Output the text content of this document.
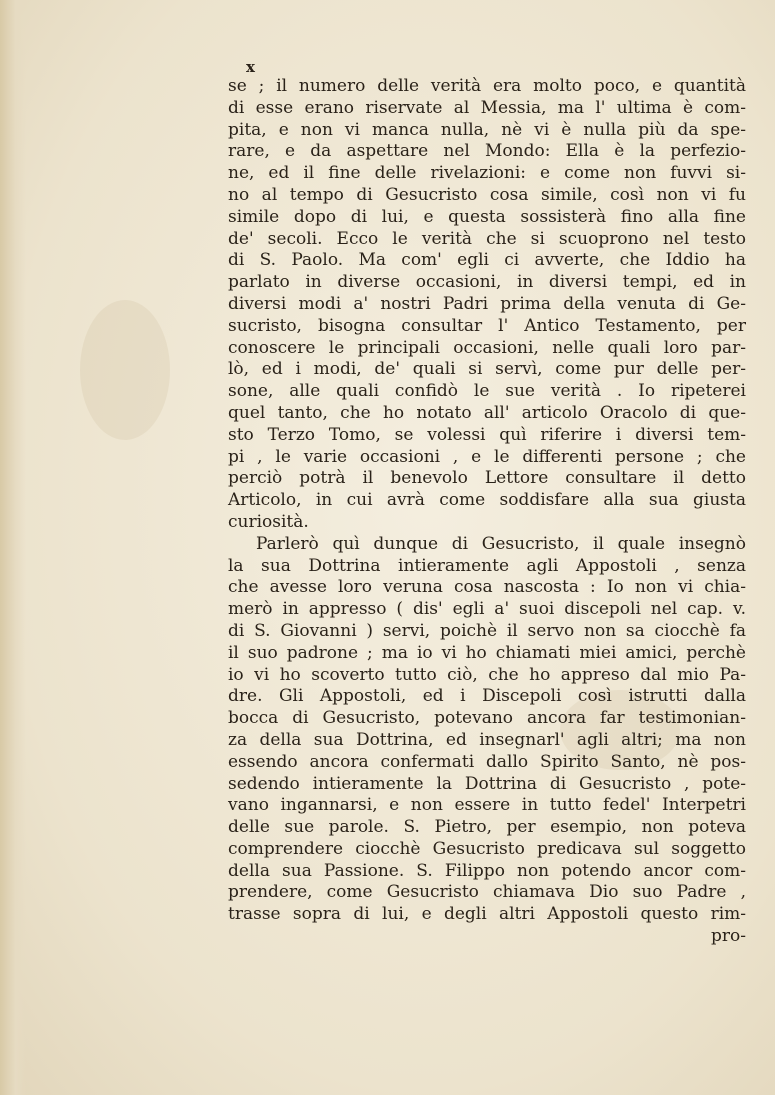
x
se ; il numero delle verità era molto poco, e quantità
di esse erano riservate al Messia, ma l' ultima è com-
pita, e non vi manca nulla, nè vi è nulla più da spe-
rare, e da aspettare nel Mondo: Ella è la perfezio-
ne, ed il fine delle rivelazioni: e come non fuvvi si-
no al tempo di Gesucristo cosa simile, così non vi fu
simile dopo di lui, e questa sossisterà fino alla fine
de' secoli. Ecco le verità che si scuoprono nel testo
di S. Paolo. Ma com' egli ci avverte, che Iddio ha
parlato in diverse occasioni, in diversi tempi, ed in
diversi modi a' nostri Padri prima della venuta di Ge-
sucristo, bisogna consultar l' Antico Testamento, per
conoscere le principali occasioni, nelle quali loro par-
lò, ed i modi, de' quali si servì, come pur delle per-
sone, alle quali confidò le sue verità . Io ripeterei
quel tanto, che ho notato all' articolo Oracolo di que-
sto Terzo Tomo, se volessi quì riferire i diversi tem-
pi , le varie occasioni , e le differenti persone ; che
perciò potrà il benevolo Lettore consultare il detto
Articolo, in cui avrà come soddisfare alla sua giusta
curiosità.
Parlerò quì dunque di Gesucristo, il quale insegnò
la sua Dottrina intieramente agli Appostoli , senza
che avesse loro veruna cosa nascosta : Io non vi chia-
merò in appresso ( dis' egli a' suoi discepoli nel cap. v.
di S. Giovanni ) servi, poichè il servo non sa ciocchè fa
il suo padrone ; ma io vi ho chiamati miei amici, perchè
io vi ho scoverto tutto ciò, che ho appreso dal mio Pa-
dre. Gli Appostoli, ed i Discepoli così istrutti dalla
bocca di Gesucristo, potevano ancora far testimonian-
za della sua Dottrina, ed insegnarl' agli altri; ma non
essendo ancora confermati dallo Spirito Santo, nè pos-
sedendo intieramente la Dottrina di Gesucristo , pote-
vano ingannarsi, e non essere in tutto fedel' Interpetri
delle sue parole. S. Pietro, per esempio, non poteva
comprendere ciocchè Gesucristo predicava sul soggetto
della sua Passione. S. Filippo non potendo ancor com-
prendere, come Gesucristo chiamava Dio suo Padre ,
trasse sopra di lui, e degli altri Appostoli questo rim-
pro-
